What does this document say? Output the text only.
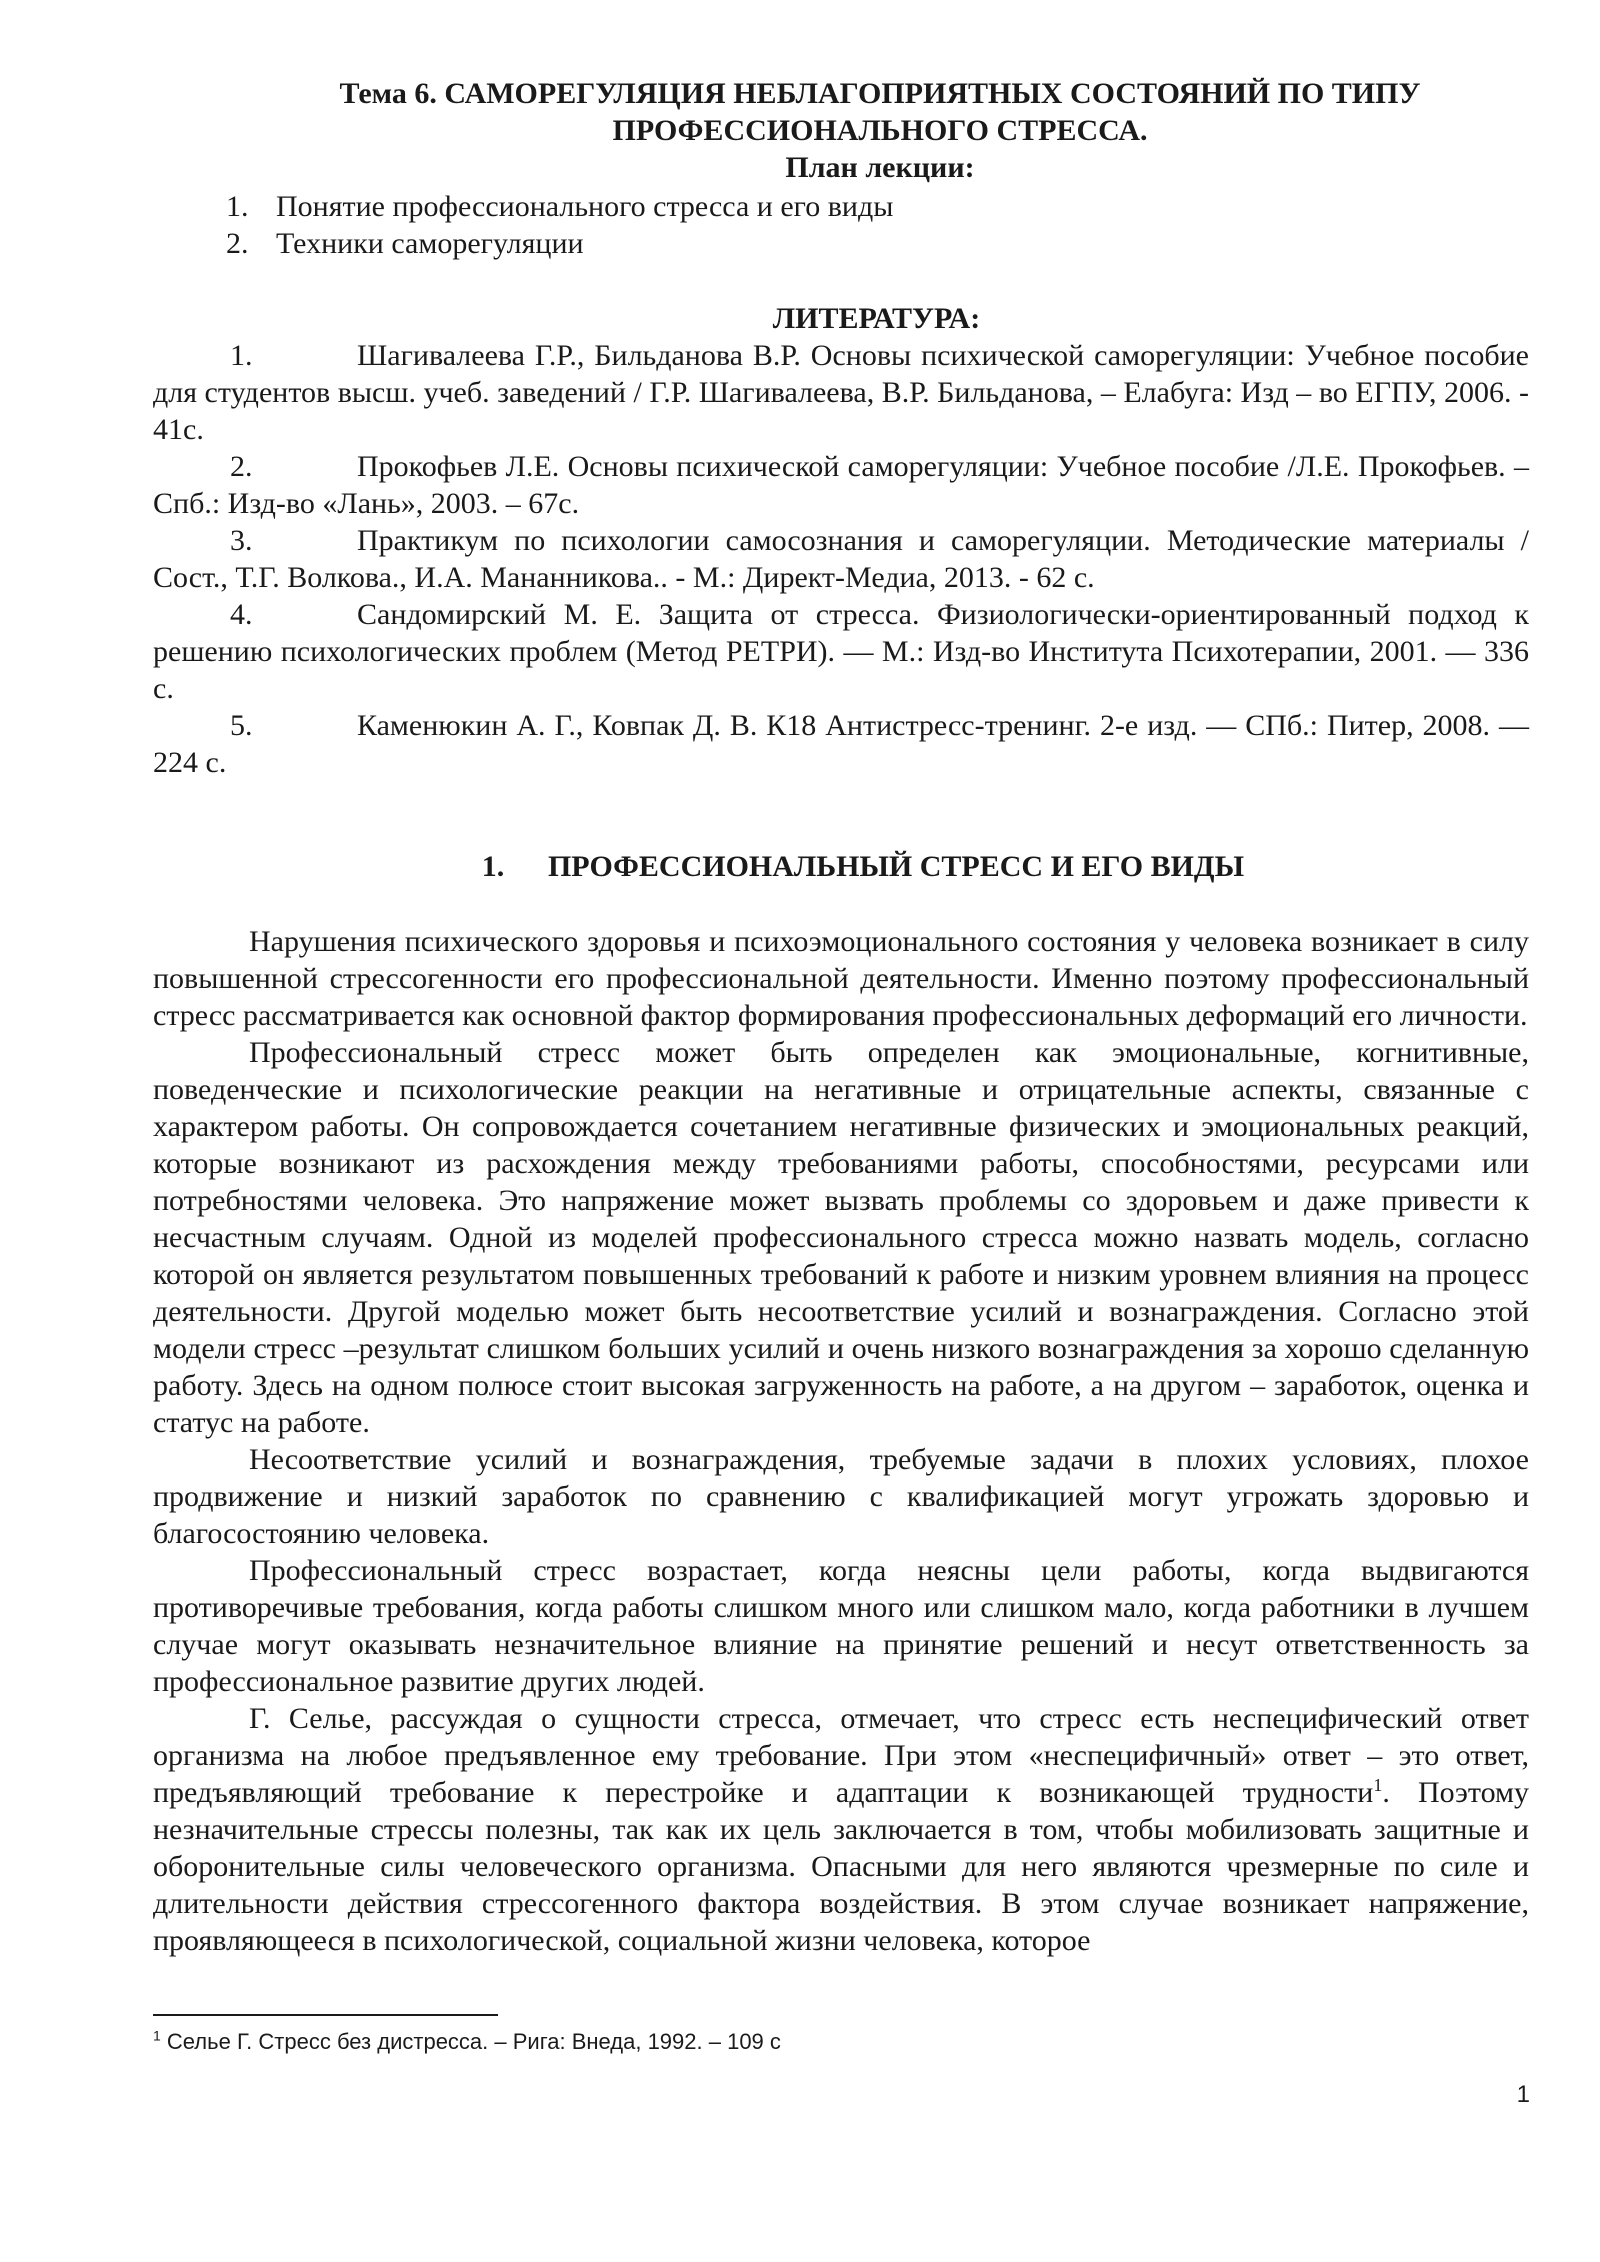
Тема 6. САМОРЕГУЛЯЦИЯ НЕБЛАГОПРИЯТНЫХ СОСТОЯНИЙ ПО ТИПУ
ПРОФЕССИОНАЛЬНОГО СТРЕССА.
План лекции:
1. Понятие профессионального стресса и его виды
2. Техники саморегуляции
ЛИТЕРАТУРА:
1.	Шагивалеева Г.Р., Бильданова В.Р. Основы психической саморегуляции: Учебное пособие для студентов высш. учеб. заведений / Г.Р. Шагивалеева, В.Р. Бильданова, – Елабуга: Изд – во ЕГПУ, 2006. - 41с.
2.	Прокофьев Л.Е. Основы психической саморегуляции: Учебное пособие /Л.Е. Прокофьев. – Спб.: Изд-во «Лань», 2003. – 67с.
3.	Практикум по психологии самосознания и саморегуляции. Методические материалы / Сост., Т.Г. Волкова., И.А. Мананникова.. - М.: Директ-Медиа, 2013. - 62 с.
4.	Сандомирский М. Е. Защита от стресса. Физиологически-ориентированный подход к решению психологических проблем (Метод РЕТРИ). — М.: Изд-во Института Психотерапии, 2001. — 336 с.
5.	Каменюкин А. Г., Ковпак Д. В. К18 Антистресс-тренинг. 2-е изд. — СПб.: Питер, 2008. — 224 с.
1. ПРОФЕССИОНАЛЬНЫЙ СТРЕСС И ЕГО ВИДЫ

Нарушения психического здоровья и психоэмоционального состояния у человека возникает в силу повышенной стрессогенности его профессиональной деятельности. Именно поэтому профессиональный стресс рассматривается как основной фактор формирования профессиональных деформаций его личности.

Профессиональный стресс может быть определен как эмоциональные, когнитивные, поведенческие и психологические реакции на негативные и отрицательные аспекты, связанные с характером работы. Он сопровождается сочетанием негативные физических и эмоциональных реакций, которые возникают из расхождения между требованиями работы, способностями, ресурсами или потребностями человека. Это напряжение может вызвать проблемы со здоровьем и даже привести к несчастным случаям. Одной из моделей профессионального стресса можно назвать модель, согласно которой он является результатом повышенных требований к работе и низким уровнем влияния на процесс деятельности. Другой моделью может быть несоответствие усилий и вознаграждения. Согласно этой модели стресс –результат слишком больших усилий и очень низкого вознаграждения за хорошо сделанную работу. Здесь на одном полюсе стоит высокая загруженность на работе, а на другом – заработок, оценка и статус на работе.

Несоответствие усилий и вознаграждения, требуемые задачи в плохих условиях, плохое продвижение и низкий заработок по сравнению с квалификацией могут угрожать здоровью и благосостоянию человека.

Профессиональный стресс возрастает, когда неясны цели работы, когда выдвигаются противоречивые требования, когда работы слишком много или слишком мало, когда работники в лучшем случае могут оказывать незначительное влияние на принятие решений и несут ответственность за профессиональное развитие других людей.

Г. Селье, рассуждая о сущности стресса, отмечает, что стресс есть неспецифический ответ организма на любое предъявленное ему требование. При этом «неспецифичный» ответ – это ответ, предъявляющий требование к перестройке и адаптации к возникающей трудности$^1$. Поэтому незначительные стрессы полезны, так как их цель заключается в том, чтобы мобилизовать защитные и оборонительные силы человеческого организма. Опасными для него являются чрезмерные по силе и длительности действия стрессогенного фактора воздействия. В этом случае возникает напряжение, проявляющееся в психологической, социальной жизни человека, которое

$^1$ Селье Г. Стресс без дистресса. – Рига: Внеда, 1992. – 109 с
1
